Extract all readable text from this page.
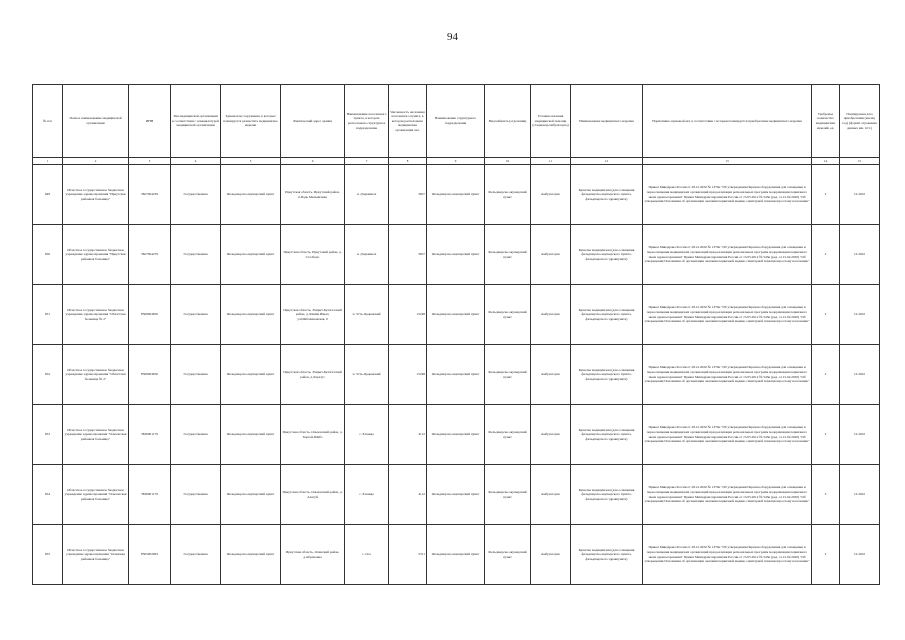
94
№ п/п	Полное наименование медицинской организации	ИНН	Тип медицинской организации в соответствии с номенклатурой медицинской организации	Здания или сооружения, в которых планируется разместить медицинское изделие	Фактический адрес здания	Наименование населенного пункта, в котором расположено структурное подразделение	Численность населения населенного пункта, в котором расположено медицинская организация чел.	Наименование структурного подразделения	Вид кабинета (отделения)	Условия оказания медицинской помощи (стационар/амбулаторно)	Наименование медицинского изделия	Нормативно-правовой акт, в соответствии с которым планируется приобретение медицинского изделия	Требуемое количество медицинских изделий, ед.	Планируемая дата приобретения (месяц, год) (формат отражения данных мм. гггг.)
1	2	3	4	5	6	7	8	9	10	11	12	13	14	15
649	Областное государственное бюджетное учреждение здравоохранения "Иркутская районная больница"	3827004239	Государственная	Фельдшерско-акушерский пункт	Иркутская область, Иркутский район, п.Падь Мельничная	п. Дзержинск	3657	Фельдшерско-акушерский пункт	Фельдшерско-акушерский пункт	Амбулаторно	Кушетка медицинская (для оснащения фельдшерско-акушерского пункта, фельдшерского здравпункта)	Приказ Минздрава России от 28.12.2020 № 1379н "Об утверждении Перечня оборудования для оснащения и переоснащения медицинских организаций при реализации региональных программ модернизации первичного звена здравоохранения" Приказ Минздравсоцразвития России от 15.05.2012 № 543н (ред. от 21.02.2020) "Об утверждении Положения об организации оказания первичной медико-санитарной помощи взрослому населению"	2	12.2022
650	Областное государственное бюджетное учреждение здравоохранения "Иркутская районная больница"	3827004279	Государственная	Фельдшерско-акушерский пункт	Иркутская область, Иркутский район, д. Столбово	п. Дзержинск	3657	Фельдшерско-акушерский пункт	Фельдшерско-акушерский пункт	Амбулаторно	Кушетка медицинская (для оснащения фельдшерско-акушерского пункта, фельдшерского здравпункта)	Приказ Минздрава России от 28.12.2020 № 1379н "Об утверждении Перечня оборудования для оснащения и переоснащения медицинских организаций при реализации региональных программ модернизации первичного звена здравоохранения" Приказ Минздравсоцразвития России от 15.05.2012 № 543н (ред. от 21.02.2020) "Об утверждении Положения об организации оказания первичной медико-санитарной помощи взрослому населению"	2	12.2022
651	Областное государственное бюджетное учреждение здравоохранения "Областная больница № 2"	8506004650	Государственная	Фельдшерско-акушерский пункт	Иркутская область, Эхирит-Булагатский район, д. Кимня Имыл, ул.Шабалиновская, 9	п. Усть-Ордынский	15248	Фельдшерско-акушерский пункт	Фельдшерско-акушерский пункт	Амбулаторно	Кушетка медицинская (для оснащения фельдшерско-акушерского пункта, фельдшерского здравпункта)	Приказ Минздрава России от 28.12.2020 № 1379н "Об утверждении Перечня оборудования для оснащения и переоснащения медицинских организаций при реализации региональных программ модернизации первичного звена здравоохранения" Приказ Минздравсоцразвития России от 15.05.2012 № 543н (ред. от 21.02.2020) "Об утверждении Положения об организации оказания первичной медико-санитарной помощи взрослому населению"	2	12.2022
652	Областное государственное бюджетное учреждение здравоохранения "Областная больница № 2"	8506004650	Государственная	Фельдшерско-акушерский пункт	Иркутская область, Эхирит-Булагатский район, д.Харазут	п. Усть-Ордынский	15248	Фельдшерско-акушерский пункт	Фельдшерско-акушерский пункт	Амбулаторно	Кушетка медицинская (для оснащения фельдшерско-акушерского пункта, фельдшерского здравпункта)	Приказ Минздрава России от 28.12.2020 № 1379н "Об утверждении Перечня оборудования для оснащения и переоснащения медицинских организаций при реализации региональных программ модернизации первичного звена здравоохранения" Приказ Минздравсоцразвития России от 15.05.2012 № 543н (ред. от 21.02.2020) "Об утверждении Положения об организации оказания первичной медико-санитарной помощи взрослому населению"	2	12.2022
653	Областное государственное бюджетное учреждение здравоохранения "Ольхонская районная больница"	3836001179	Государственная	Фельдшерско-акушерский пункт	Иркутская область, Ольхонский район, д. Хоргой-Шибэ	с. Еланцы	4112	Фельдшерско-акушерский пункт	Фельдшерско-акушерский пункт	Амбулаторно	Кушетка медицинская (для оснащения фельдшерско-акушерского пункта, фельдшерского здравпункта)	Приказ Минздрава России от 28.12.2020 № 1379н "Об утверждении Перечня оборудования для оснащения и переоснащения медицинских организаций при реализации региональных программ модернизации первичного звена здравоохранения" Приказ Минздравсоцразвития России от 15.05.2012 № 543н (ред. от 21.02.2020) "Об утверждении Положения об организации оказания первичной медико-санитарной помощи взрослому населению"	2	12.2022
654	Областное государственное бюджетное учреждение здравоохранения "Ольхонская районная больница"	3836001179	Государственная	Фельдшерско-акушерский пункт	Иркутская область, Ольхонский район, д. Алагуй	с. Еланцы	4112	Фельдшерско-акушерский пункт	Фельдшерско-акушерский пункт	Амбулаторно	Кушетка медицинская (для оснащения фельдшерско-акушерского пункта, фельдшерского здравпункта)	Приказ Минздрава России от 28.12.2020 № 1379н "Об утверждении Перечня оборудования для оснащения и переоснащения медицинских организаций при реализации региональных программ модернизации первичного звена здравоохранения" Приказ Минздравсоцразвития России от 15.05.2012 № 543н (ред. от 21.02.2020) "Об утверждении Положения об организации оказания первичной медико-санитарной помощи взрослому населению"	3	12.2022
655	Областное государственное бюджетное учреждение здравоохранения "Осинская районная больница"	8505002903	Государственная	Фельдшерско-акушерский пункт	Иркутская область, Осинский район, д.Абрамовка	с. Оса	5311	Фельдшерско-акушерский пункт	Фельдшерско-акушерский пункт	Амбулаторно	Кушетка медицинская (для оснащения фельдшерско-акушерского пункта, фельдшерского здравпункта)	Приказ Минздрава России от 28.12.2020 № 1379н "Об утверждении Перечня оборудования для оснащения и переоснащения медицинских организаций при реализации региональных программ модернизации первичного звена здравоохранения" Приказ Минздравсоцразвития России от 15.05.2012 № 543н (ред. от 21.02.2020) "Об утверждении Положения об организации оказания первичной медико-санитарной помощи взрослому населению"	2	12.2022
